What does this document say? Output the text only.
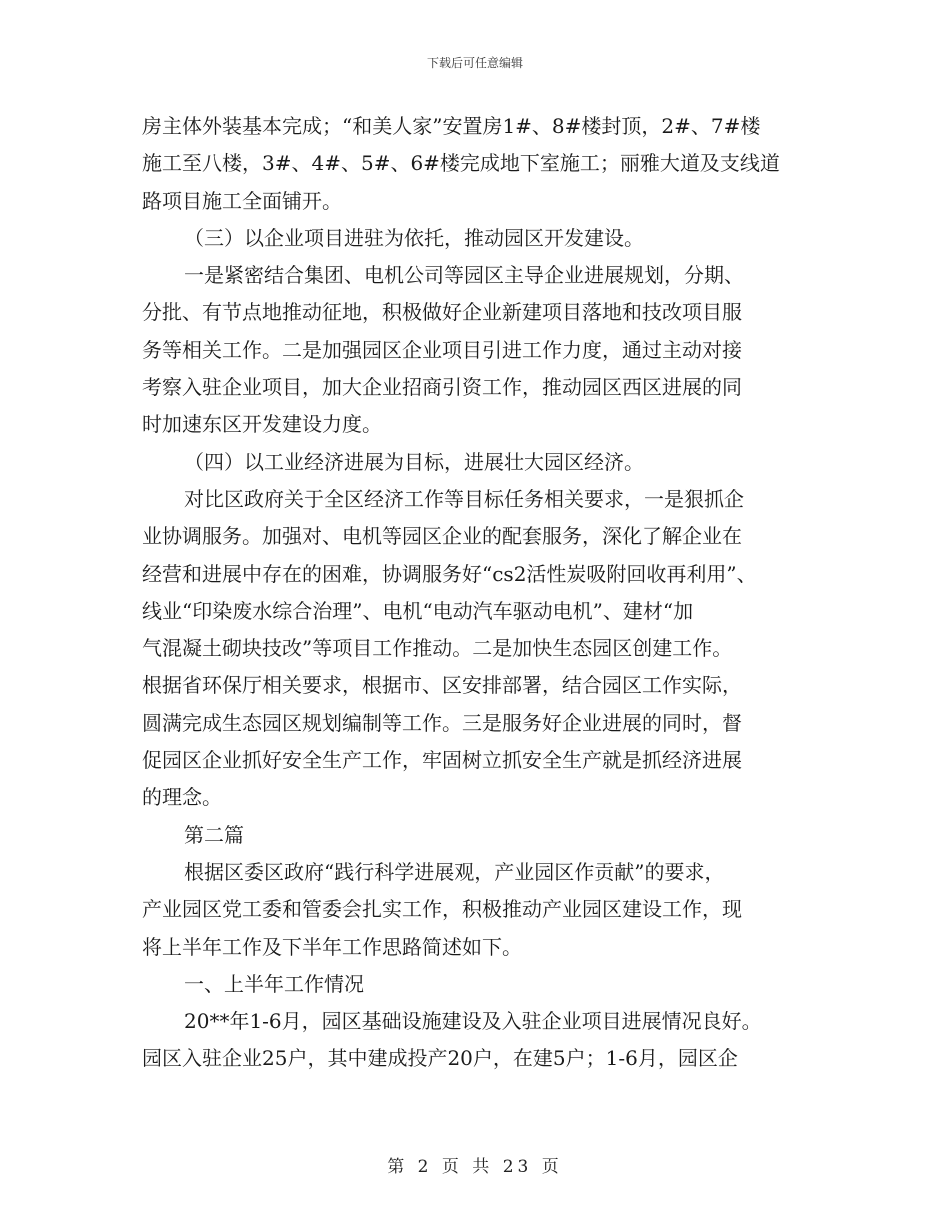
下载后可任意编辑
房主体外装基本完成；“和美人家”安置房1#、8#楼封顶，2#、7#楼
施工至八楼，3#、4#、5#、6#楼完成地下室施工；丽雅大道及支线道
路项目施工全面铺开。
（三）以企业项目进驻为依托，推动园区开发建设。
一是紧密结合集团、电机公司等园区主导企业进展规划，分期、
分批、有节点地推动征地，积极做好企业新建项目落地和技改项目服
务等相关工作。二是加强园区企业项目引进工作力度，通过主动对接
考察入驻企业项目，加大企业招商引资工作，推动园区西区进展的同
时加速东区开发建设力度。
（四）以工业经济进展为目标，进展壮大园区经济。
对比区政府关于全区经济工作等目标任务相关要求，一是狠抓企
业协调服务。加强对、电机等园区企业的配套服务，深化了解企业在
经营和进展中存在的困难，协调服务好“cs2活性炭吸附回收再利用”、
线业“印染废水综合治理”、电机“电动汽车驱动电机”、建材“加
气混凝土砌块技改”等项目工作推动。二是加快生态园区创建工作。
根据省环保厅相关要求，根据市、区安排部署，结合园区工作实际，
圆满完成生态园区规划编制等工作。三是服务好企业进展的同时，督
促园区企业抓好安全生产工作，牢固树立抓安全生产就是抓经济进展
的理念。
第二篇
根据区委区政府“践行科学进展观，产业园区作贡献”的要求，
产业园区党工委和管委会扎实工作，积极推动产业园区建设工作，现
将上半年工作及下半年工作思路简述如下。
一、上半年工作情况
20**年1-6月，园区基础设施建设及入驻企业项目进展情况良好。
园区入驻企业25户，其中建成投产20户，在建5户；1-6月，园区企
第 2 页 共 23 页
